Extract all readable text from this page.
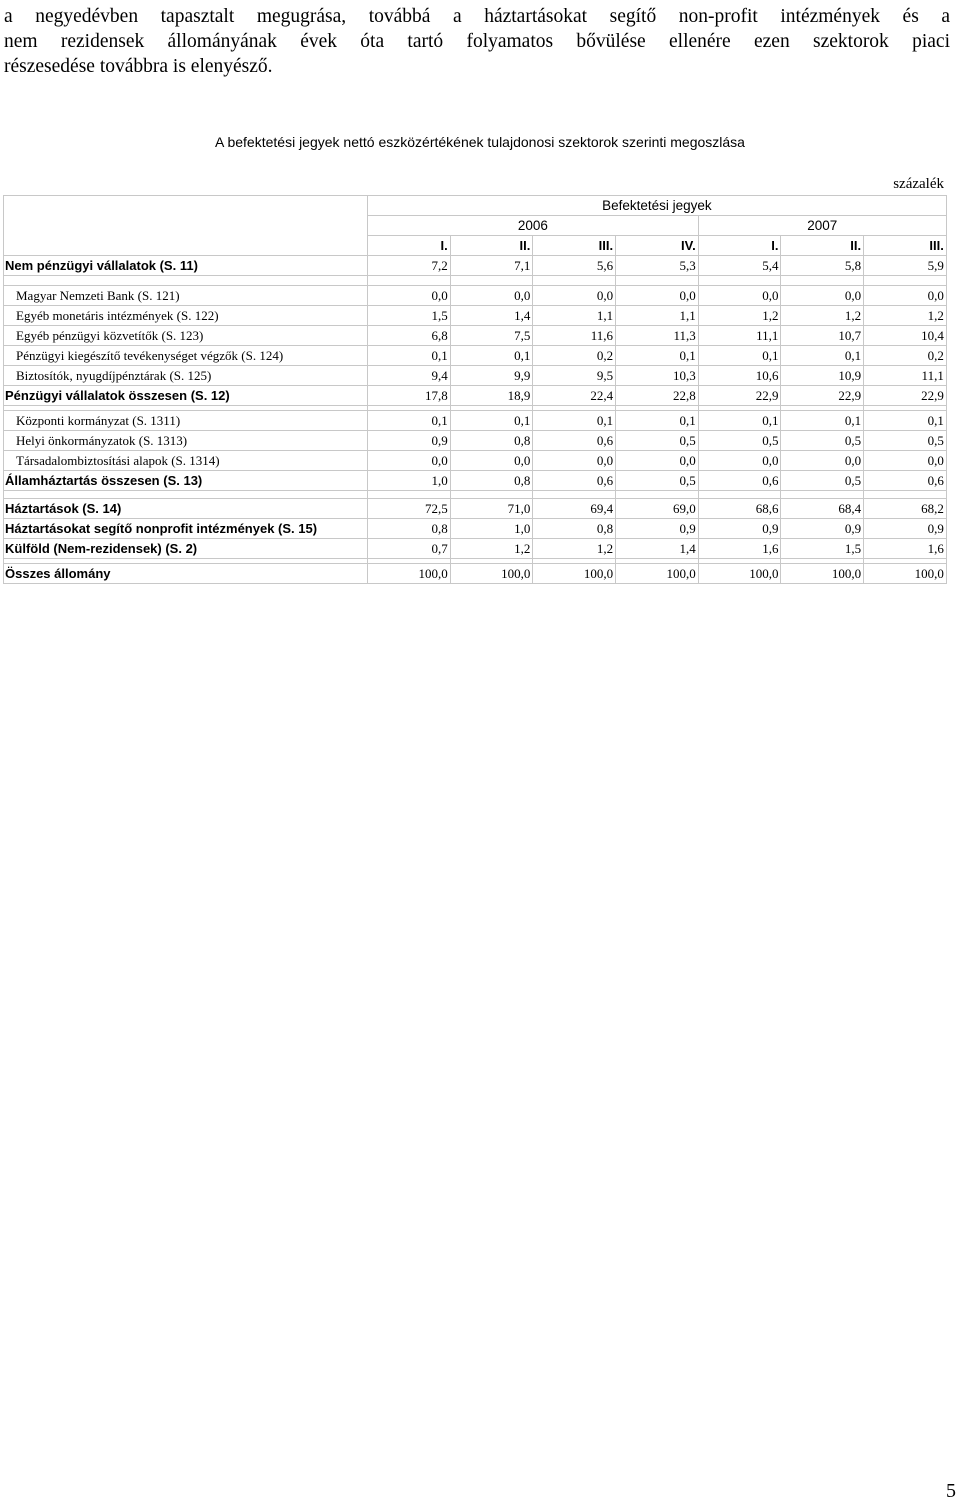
a negyedévben tapasztalt megugrása, továbbá a háztartásokat segítő non-profit intézmények és a
nem rezidensek állományának évek óta tartó folyamatos bővülése ellenére ezen szektorok piaci
részesedése továbbra is elenyésző.
A befektetési jegyek nettó eszközértékének tulajdonosi szektorok szerinti megoszlása
százalék
	Befektetési jegyek						
	2006				2007		
	I.	II.	III.	IV.	I.	II.	III.
Nem pénzügyi vállalatok (S. 11)	7,2	7,1	5,6	5,3	5,4	5,8	5,9

Magyar Nemzeti Bank (S. 121)	0,0	0,0	0,0	0,0	0,0	0,0	0,0
Egyéb monetáris intézmények (S. 122)	1,5	1,4	1,1	1,1	1,2	1,2	1,2
Egyéb pénzügyi közvetítők (S. 123)	6,8	7,5	11,6	11,3	11,1	10,7	10,4
Pénzügyi kiegészítő tevékenységet végzők (S. 124)	0,1	0,1	0,2	0,1	0,1	0,1	0,2
Biztosítók, nyugdíjpénztárak (S. 125)	9,4	9,9	9,5	10,3	10,6	10,9	11,1
Pénzügyi vállalatok összesen (S. 12)	17,8	18,9	22,4	22,8	22,9	22,9	22,9

Központi kormányzat (S. 1311)	0,1	0,1	0,1	0,1	0,1	0,1	0,1
Helyi önkormányzatok (S. 1313)	0,9	0,8	0,6	0,5	0,5	0,5	0,5
Társadalombiztosítási alapok (S. 1314)	0,0	0,0	0,0	0,0	0,0	0,0	0,0
Államháztartás összesen (S. 13)	1,0	0,8	0,6	0,5	0,6	0,5	0,6

Háztartások (S. 14)	72,5	71,0	69,4	69,0	68,6	68,4	68,2
Háztartásokat segítő nonprofit intézmények (S. 15)	0,8	1,0	0,8	0,9	0,9	0,9	0,9
Külföld (Nem-rezidensek) (S. 2)	0,7	1,2	1,2	1,4	1,6	1,5	1,6

Összes állomány	100,0	100,0	100,0	100,0	100,0	100,0	100,0
5
